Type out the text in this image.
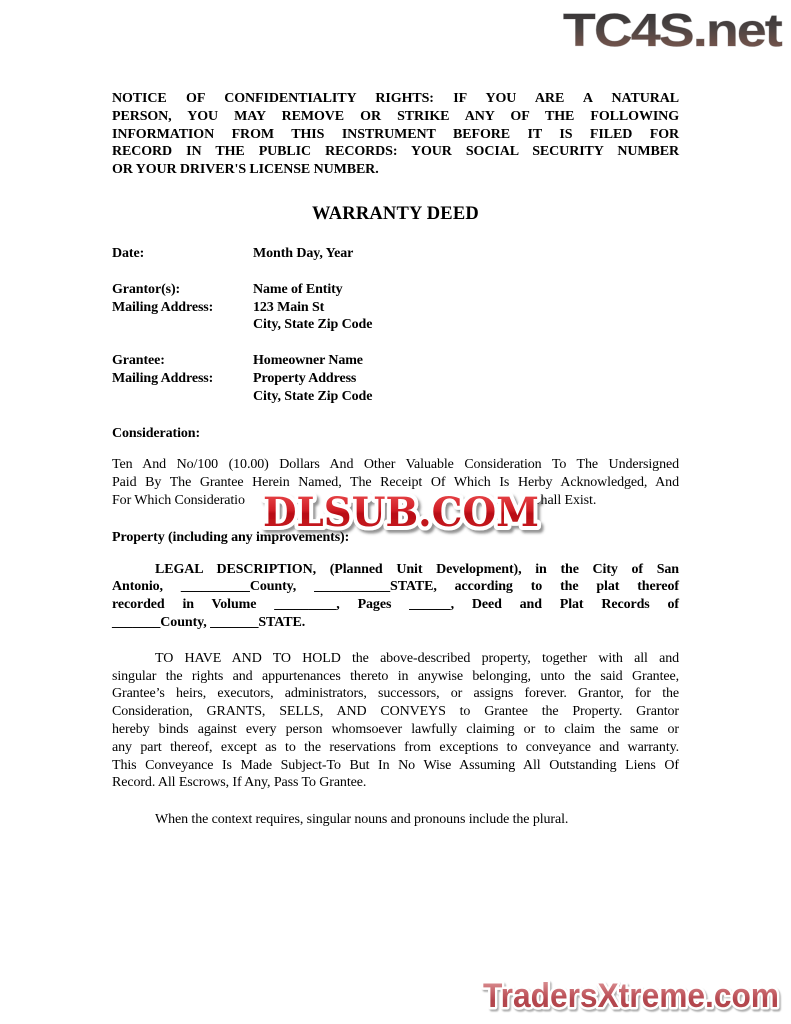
TC4S.net
NOTICE OF CONFIDENTIALITY RIGHTS: IF YOU ARE A NATURAL
PERSON, YOU MAY REMOVE OR STRIKE ANY OF THE FOLLOWING
INFORMATION FROM THIS INSTRUMENT BEFORE IT IS FILED FOR
RECORD IN THE PUBLIC RECORDS: YOUR SOCIAL SECURITY NUMBER
OR YOUR DRIVER'S LICENSE NUMBER.
WARRANTY DEED
Date:	Month Day, Year
Grantor(s):	Name of Entity
Mailing Address:	123 Main St
City, State Zip Code
Grantee:	Homeowner Name
Mailing Address:	Property Address
City, State Zip Code
Consideration:
Ten And No/100 (10.00) Dollars And Other Valuable Consideration To The Undersigned
Paid By The Grantee Herein Named, The Receipt Of Which Is Herby Acknowledged, And
For Which Consideratio	Shall Exist.
Property (including any improvements):
LEGAL DESCRIPTION, (Planned Unit Development), in the City of San
Antonio, __________County, ___________STATE, according to the plat thereof
recorded in Volume _________, Pages ______, Deed and Plat Records of
_______County, _______STATE.
TO HAVE AND TO HOLD the above-described property, together with all and
singular the rights and appurtenances thereto in anywise belonging, unto the said Grantee,
Grantee’s heirs, executors, administrators, successors, or assigns forever. Grantor, for the
Consideration, GRANTS, SELLS, AND CONVEYS to Grantee the Property. Grantor
hereby binds against every person whomsoever lawfully claiming or to claim the same or
any part thereof, except as to the reservations from exceptions to conveyance and warranty.
This Conveyance Is Made Subject-To But In No Wise Assuming All Outstanding Liens Of
Record. All Escrows, If Any, Pass To Grantee.
When the context requires, singular nouns and pronouns include the plural.
DLSUB.COM
TradersXtreme.com
